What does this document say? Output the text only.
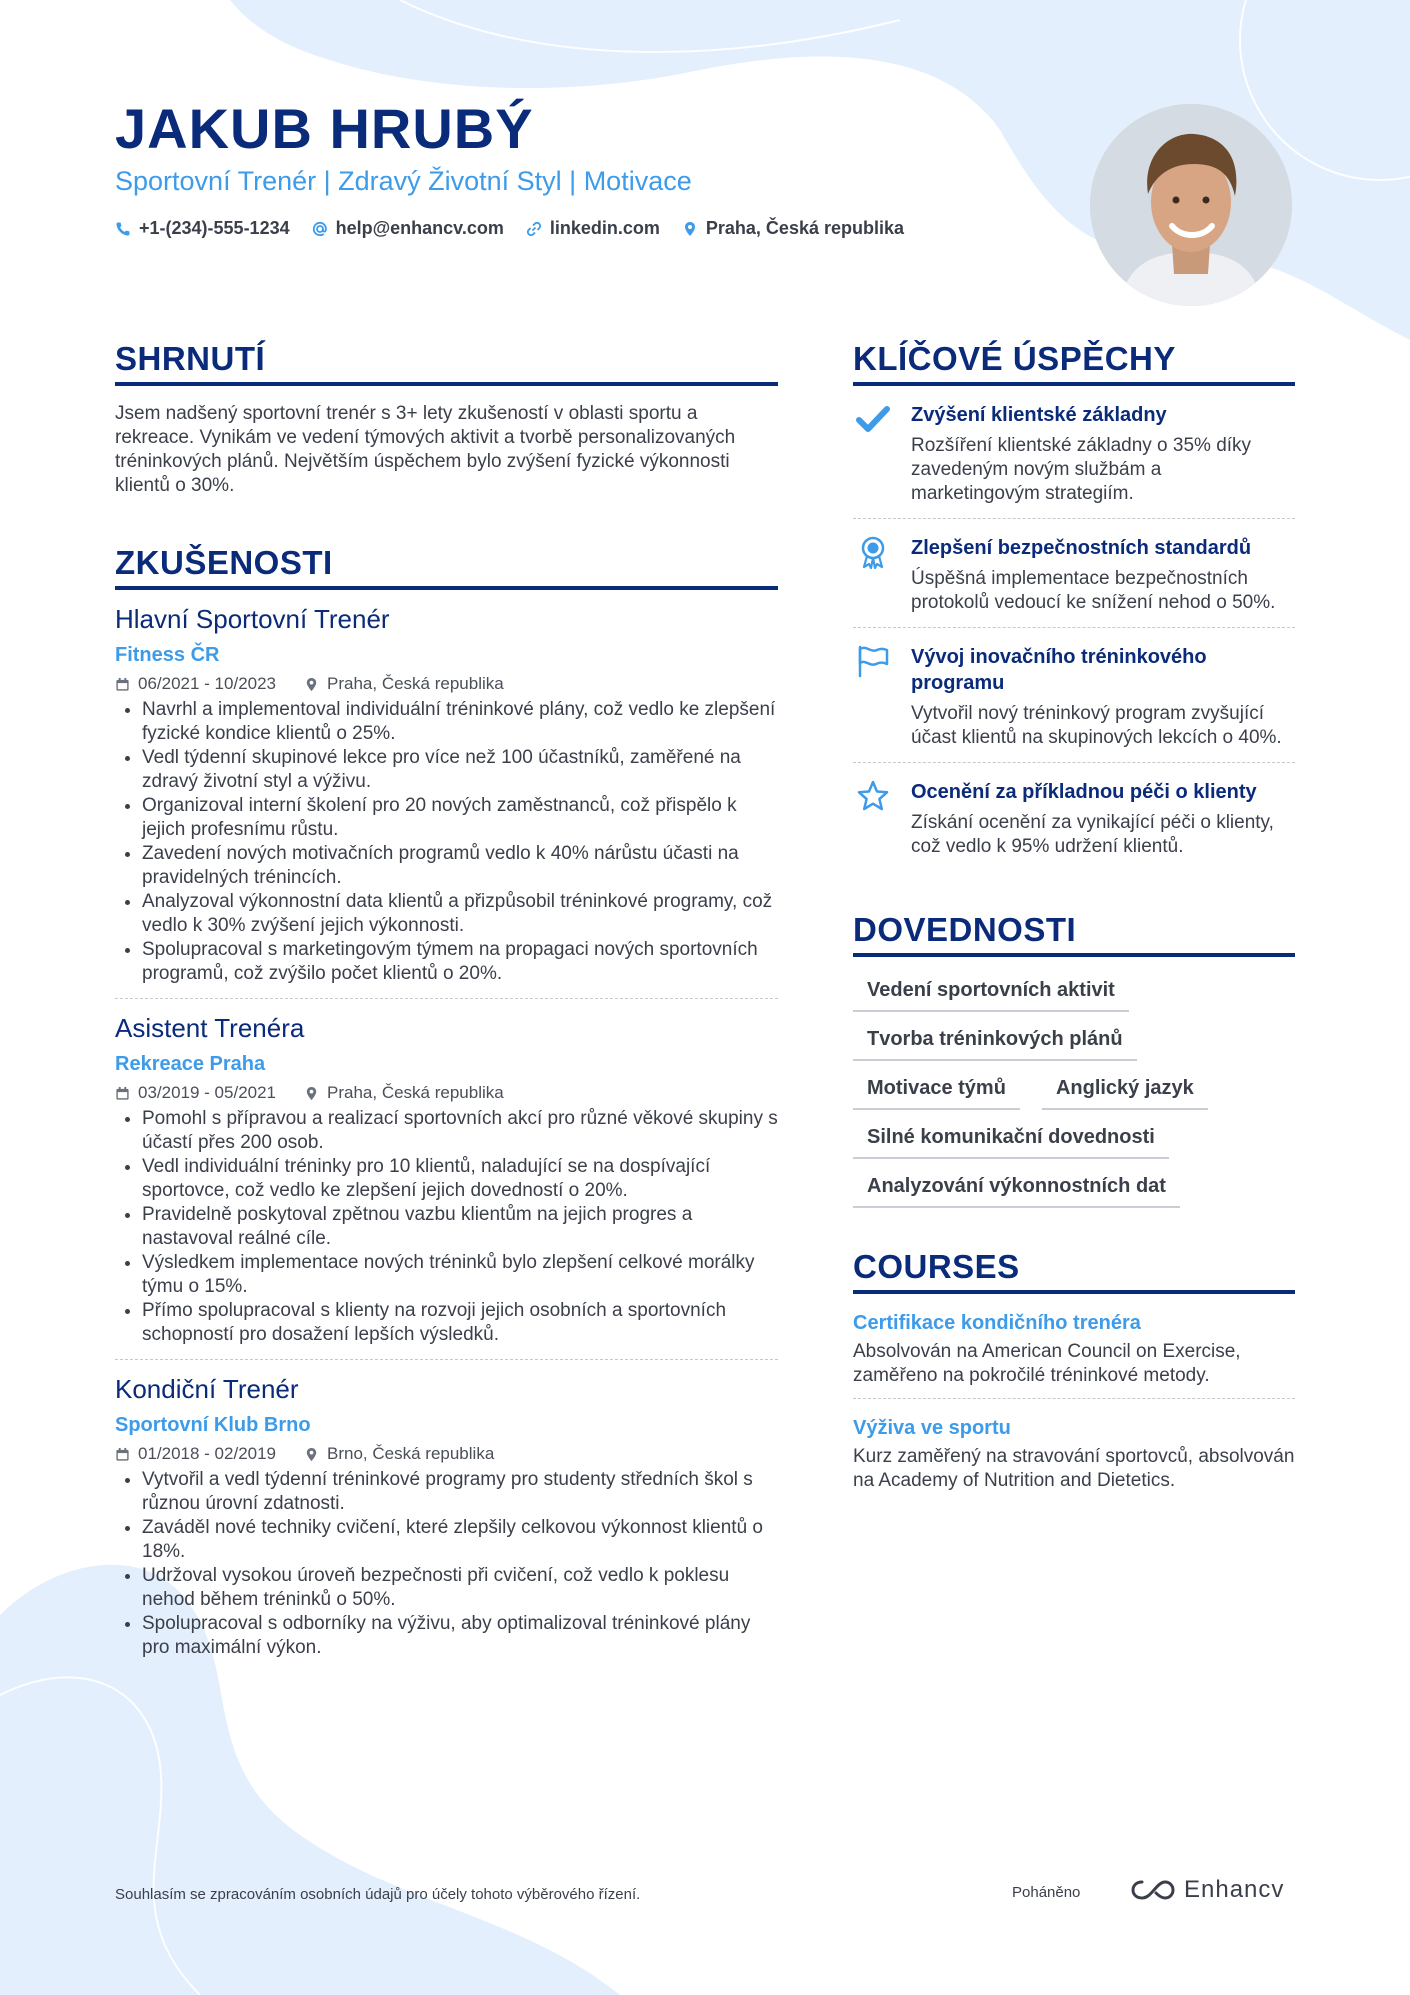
JAKUB HRUBÝ
Sportovní Trenér | Zdravý Životní Styl | Motivace
+1-(234)-555-1234	help@enhancv.com	linkedin.com	Praha, Česká republika
SHRNUTÍ

Jsem nadšený sportovní trenér s 3+ lety zkušeností v oblasti sportu a rekreace. Vynikám ve vedení týmových aktivit a tvorbě personalizovaných tréninkových plánů. Největším úspěchem bylo zvýšení fyzické výkonnosti klientů o 30%.

ZKUŠENOSTI
Hlavní Sportovní Trenér
Fitness ČR
06/2021 - 10/2023	Praha, Česká republika
• Navrhl a implementoval individuální tréninkové plány, což vedlo ke zlepšení fyzické kondice klientů o 25%.
• Vedl týdenní skupinové lekce pro více než 100 účastníků, zaměřené na zdravý životní styl a výživu.
• Organizoval interní školení pro 20 nových zaměstnanců, což přispělo k jejich profesnímu růstu.
• Zavedení nových motivačních programů vedlo k 40% nárůstu účasti na pravidelných trénincích.
• Analyzoval výkonnostní data klientů a přizpůsobil tréninkové programy, což vedlo k 30% zvýšení jejich výkonnosti.
• Spolupracoval s marketingovým týmem na propagaci nových sportovních programů, což zvýšilo počet klientů o 20%.
Asistent Trenéra
Rekreace Praha
03/2019 - 05/2021	Praha, Česká republika
• Pomohl s přípravou a realizací sportovních akcí pro různé věkové skupiny s účastí přes 200 osob.
• Vedl individuální tréninky pro 10 klientů, naladující se na dospívající sportovce, což vedlo ke zlepšení jejich dovedností o 20%.
• Pravidelně poskytoval zpětnou vazbu klientům na jejich progres a nastavoval reálné cíle.
• Výsledkem implementace nových tréninků bylo zlepšení celkové morálky týmu o 15%.
• Přímo spolupracoval s klienty na rozvoji jejich osobních a sportovních schopností pro dosažení lepších výsledků.
Kondiční Trenér
Sportovní Klub Brno
01/2018 - 02/2019	Brno, Česká republika
• Vytvořil a vedl týdenní tréninkové programy pro studenty středních škol s různou úrovní zdatnosti.
• Zaváděl nové techniky cvičení, které zlepšily celkovou výkonnost klientů o 18%.
• Udržoval vysokou úroveň bezpečnosti při cvičení, což vedlo k poklesu nehod během tréninků o 50%.
• Spolupracoval s odborníky na výživu, aby optimalizoval tréninkové plány pro maximální výkon.
KLÍČOVÉ ÚSPĚCHY
Zvýšení klientské základny
Rozšíření klientské základny o 35% díky zavedeným novým službám a marketingovým strategiím.
Zlepšení bezpečnostních standardů
Úspěšná implementace bezpečnostních protokolů vedoucí ke snížení nehod o 50%.
Vývoj inovačního tréninkového programu
Vytvořil nový tréninkový program zvyšující účast klientů na skupinových lekcích o 40%.
Ocenění za příkladnou péči o klienty
Získání ocenění za vynikající péči o klienty, což vedlo k 95% udržení klientů.
DOVEDNOSTI
Vedení sportovních aktivit
Tvorba tréninkových plánů
Motivace týmů	Anglický jazyk
Silné komunikační dovednosti
Analyzování výkonnostních dat
COURSES
Certifikace kondičního trenéra
Absolvován na American Council on Exercise, zaměřeno na pokročilé tréninkové metody.
Výživa ve sportu
Kurz zaměřený na stravování sportovců, absolvován na Academy of Nutrition and Dietetics.
Souhlasím se zpracováním osobních údajů pro účely tohoto výběrového řízení.	Poháněno	Enhancv
